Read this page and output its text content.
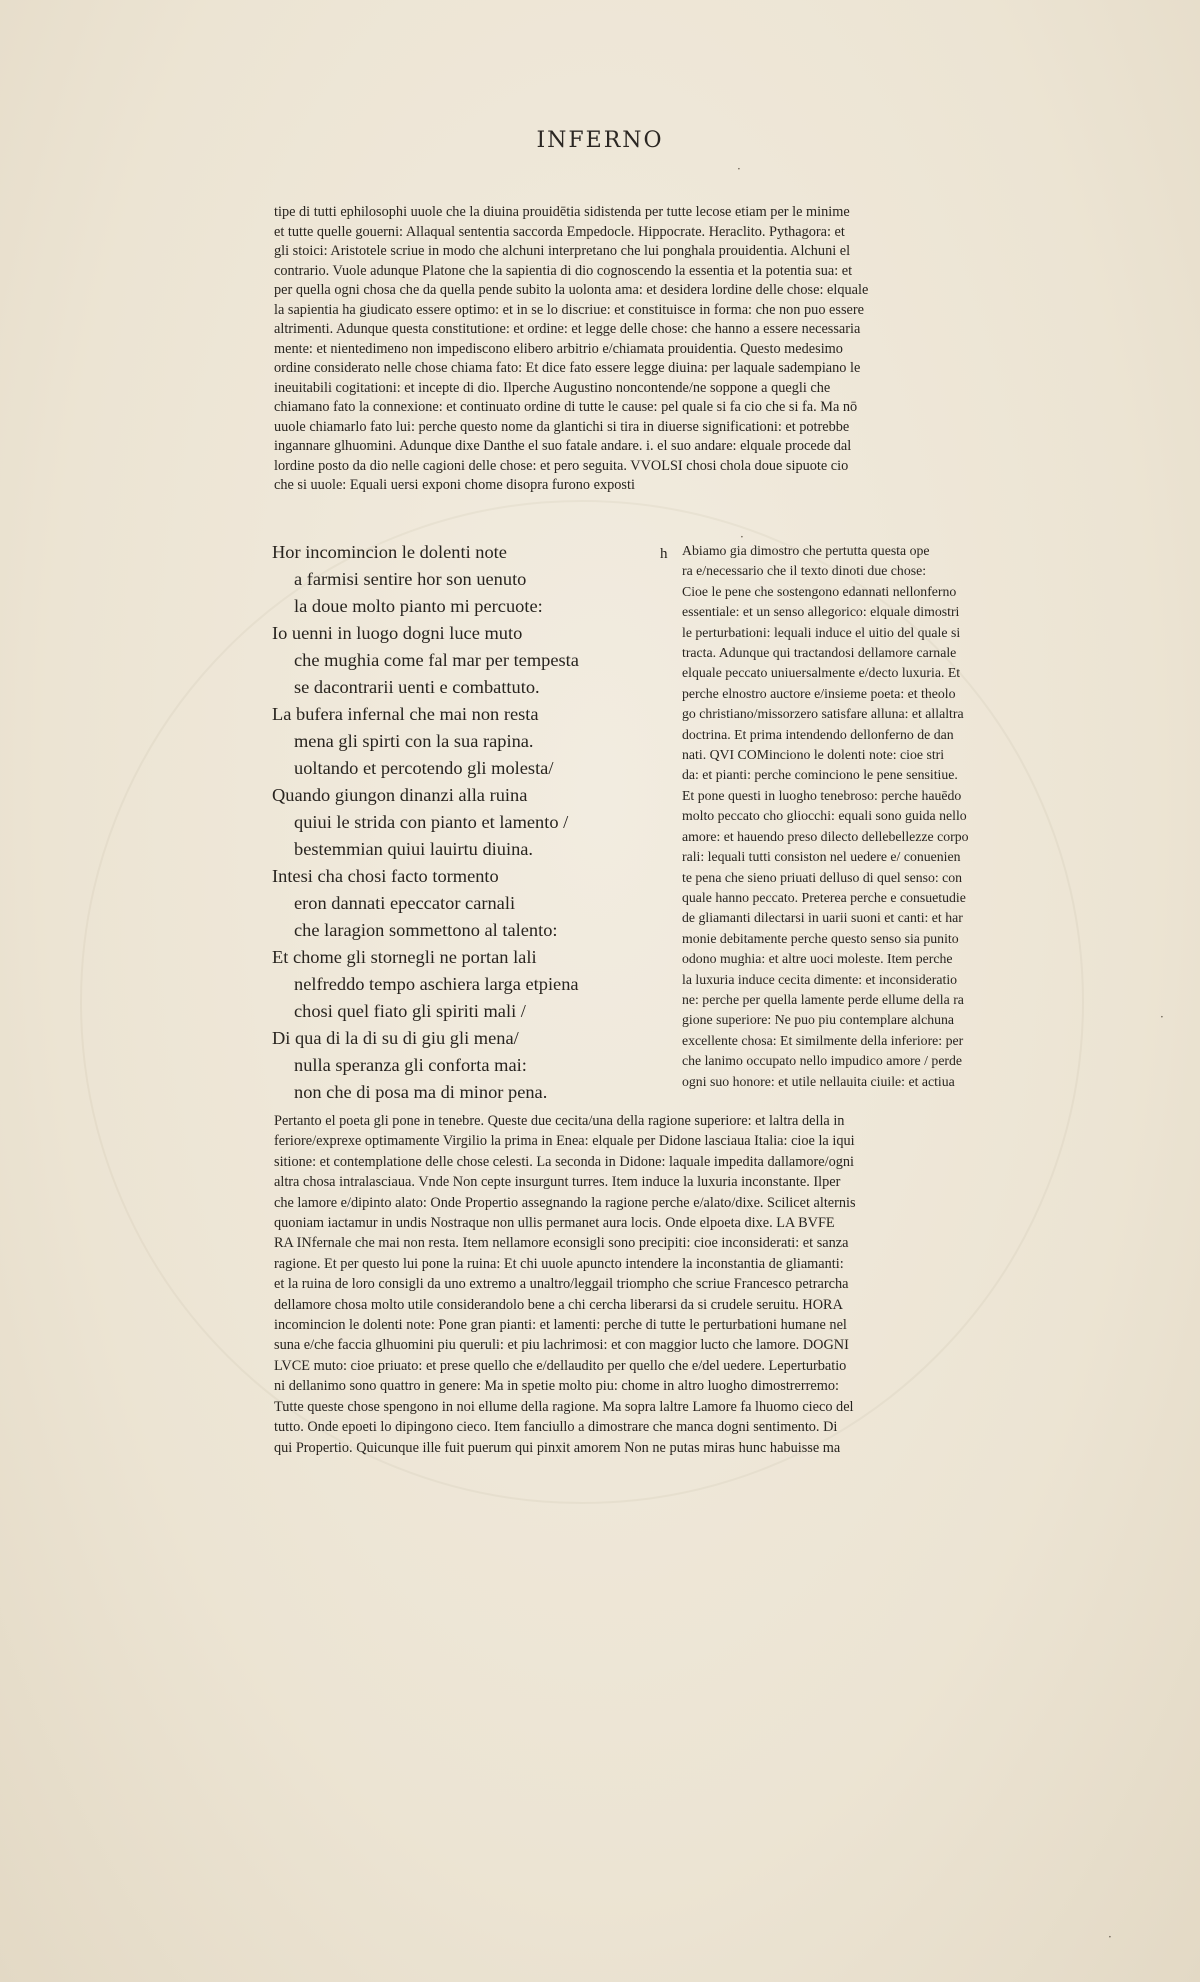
INFERNO
tipe di tutti ephilosophi uuole che la diuina prouidētia sidistenda per tutte lecose etiam per le minime
et tutte quelle gouerni: Allaqual sententia saccorda Empedocle. Hippocrate. Heraclito. Pythagora: et
gli stoici: Aristotele scriue in modo che alchuni interpretano che lui ponghala prouidentia. Alchuni el
contrario. Vuole adunque Platone che la sapientia di dio cognoscendo la essentia et la potentia sua: et
per quella ogni chosa che da quella pende subito la uolonta ama: et desidera lordine delle chose: elquale
la sapientia ha giudicato essere optimo: et in se lo discriue: et constituisce in forma: che non puo essere
altrimenti. Adunque questa constitutione: et ordine: et legge delle chose: che hanno a essere necessaria
mente: et nientedimeno non impediscono elibero arbitrio e/chiamata prouidentia. Questo medesimo
ordine considerato nelle chose chiama fato: Et dice fato essere legge diuina: per laquale sadempiano le
ineuitabili cogitationi: et incepte di dio. Ilperche Augustino noncontende/ne soppone a quegli che
chiamano fato la connexione: et continuato ordine di tutte le cause: pel quale si fa cio che si fa. Ma nō
uuole chiamarlo fato lui: perche questo nome da glantichi si tira in diuerse significationi: et potrebbe
ingannare glhuomini. Adunque dixe Danthe el suo fatale andare. i. el suo andare: elquale procede dal
lordine posto da dio nelle cagioni delle chose: et pero seguita. VVOLSI chosi chola doue sipuote cio
che si uuole: Equali uersi exponi chome disopra furono exposti
Hor incomincion le dolenti note
a farmisi sentire hor son uenuto
la doue molto pianto mi percuote:
Io uenni in luogo dogni luce muto
che mughia come fal mar per tempesta
se dacontrarii uenti e combattuto.
La bufera infernal che mai non resta
mena gli spirti con la sua rapina.
uoltando et percotendo gli molesta/
Quando giungon dinanzi alla ruina
quiui le strida con pianto et lamento /
bestemmian quiui lauirtu diuina.
Intesi cha chosi facto tormento
eron dannati epeccator carnali
che laragion sommettono al talento:
Et chome gli stornegli ne portan lali
nelfreddo tempo aschiera larga etpiena
chosi quel fiato gli spiriti mali /
Di qua di la di su di giu gli mena/
nulla speranza gli conforta mai:
non che di posa ma di minor pena.
h Abiamo gia dimostro che pertutta questa ope
ra e/necessario che il texto dinoti due chose:
Cioe le pene che sostengono edannati nellonferno
essentiale: et un senso allegorico: elquale dimostri
le perturbationi: lequali induce el uitio del quale si
tracta. Adunque qui tractandosi dellamore carnale
elquale peccato uniuersalmente e/decto luxuria. Et
perche elnostro auctore e/insieme poeta: et theolo
go christiano/missorzero satisfare alluna: et allaltra
doctrina. Et prima intendendo dellonferno de dan
nati. QVI COMinciono le dolenti note: cioe stri
da: et pianti: perche cominciono le pene sensitiue.
Et pone questi in luogho tenebroso: perche hauēdo
molto peccato cho gliocchi: equali sono guida nello
amore: et hauendo preso dilecto dellebellezze corpo
rali: lequali tutti consiston nel uedere e/ conuenien
te pena che sieno priuati dellusο di quel senso: con
quale hanno peccato. Preterea perche e consuetudie
de gliamanti dilectarsi in uarii suoni et canti: et har
monie debitamente perche questo senso sia punito
odono mughia: et altre uoci moleste. Item perche
la luxuria induce cecita dimente: et inconsideratio
ne: perche per quella lamente perde ellume della ra
gione superiore: Ne puo piu contemplare alchuna
excellente chosa: Et similmente della inferiore: per
che lanimo occupato nello impudico amore / perde
ogni suo honore: et utile nellauita ciuile: et actiua
Pertanto el poeta gli pone in tenebre. Queste due cecita/una della ragione superiore: et laltra della in
feriore/exprexe optimamente Virgilio la prima in Enea: elquale per Didone lasciaua Italia: cioe la iqui
sitione: et contemplatione delle chose celesti. La seconda in Didone: laquale impedita dallamore/ogni
altra chosa intralasciaua. Vnde Non cepte insurgunt turres. Item induce la luxuria inconstante. Ilper
che lamore e/dipinto alato: Onde Propertio assegnando la ragione perche e/alato/dixe. Scilicet alternis
quoniam iactamur in undis Nostraque non ullis permanet aura locis. Onde elpoeta dixe. LA BVFE
RA INfernale che mai non resta. Item nellamore econsigli sono precipiti: cioe inconsiderati: et sanza
ragione. Et per questo lui pone la ruina: Et chi uuole apuncto intendere la inconstantia de gliamanti:
et la ruina de loro consigli da uno extremo a unaltro/leggail triompho che scriue Francesco petrarcha
dellamore chosa molto utile considerandolo bene a chi cercha liberarsi da si crudele seruitu. HORA
incomincion le dolenti note: Pone gran pianti: et lamenti: perche di tutte le perturbationi humane nel
suna e/che faccia glhuomini piu queruli: et piu lachrimosi: et con maggior lucto che lamore. DOGNI
LVCE muto: cioe priuato: et prese quello che e/dellaudito per quello che e/del uedere. Leperturbatio
ni dellanimo sono quattro in genere: Ma in spetie molto piu: chome in altro luogho dimostrerremo:
Tutte queste chose spengono in noi ellume della ragione. Ma sopra laltre Lamore fa lhuomo cieco del
tutto. Onde epoeti lo dipingono cieco. Item fanciullo a dimostrare che manca dogni sentimento. Di
qui Propertio. Quicunque ille fuit puerum qui pinxit amorem Non ne putas miras hunc habuisse ma
·
·
·
·
